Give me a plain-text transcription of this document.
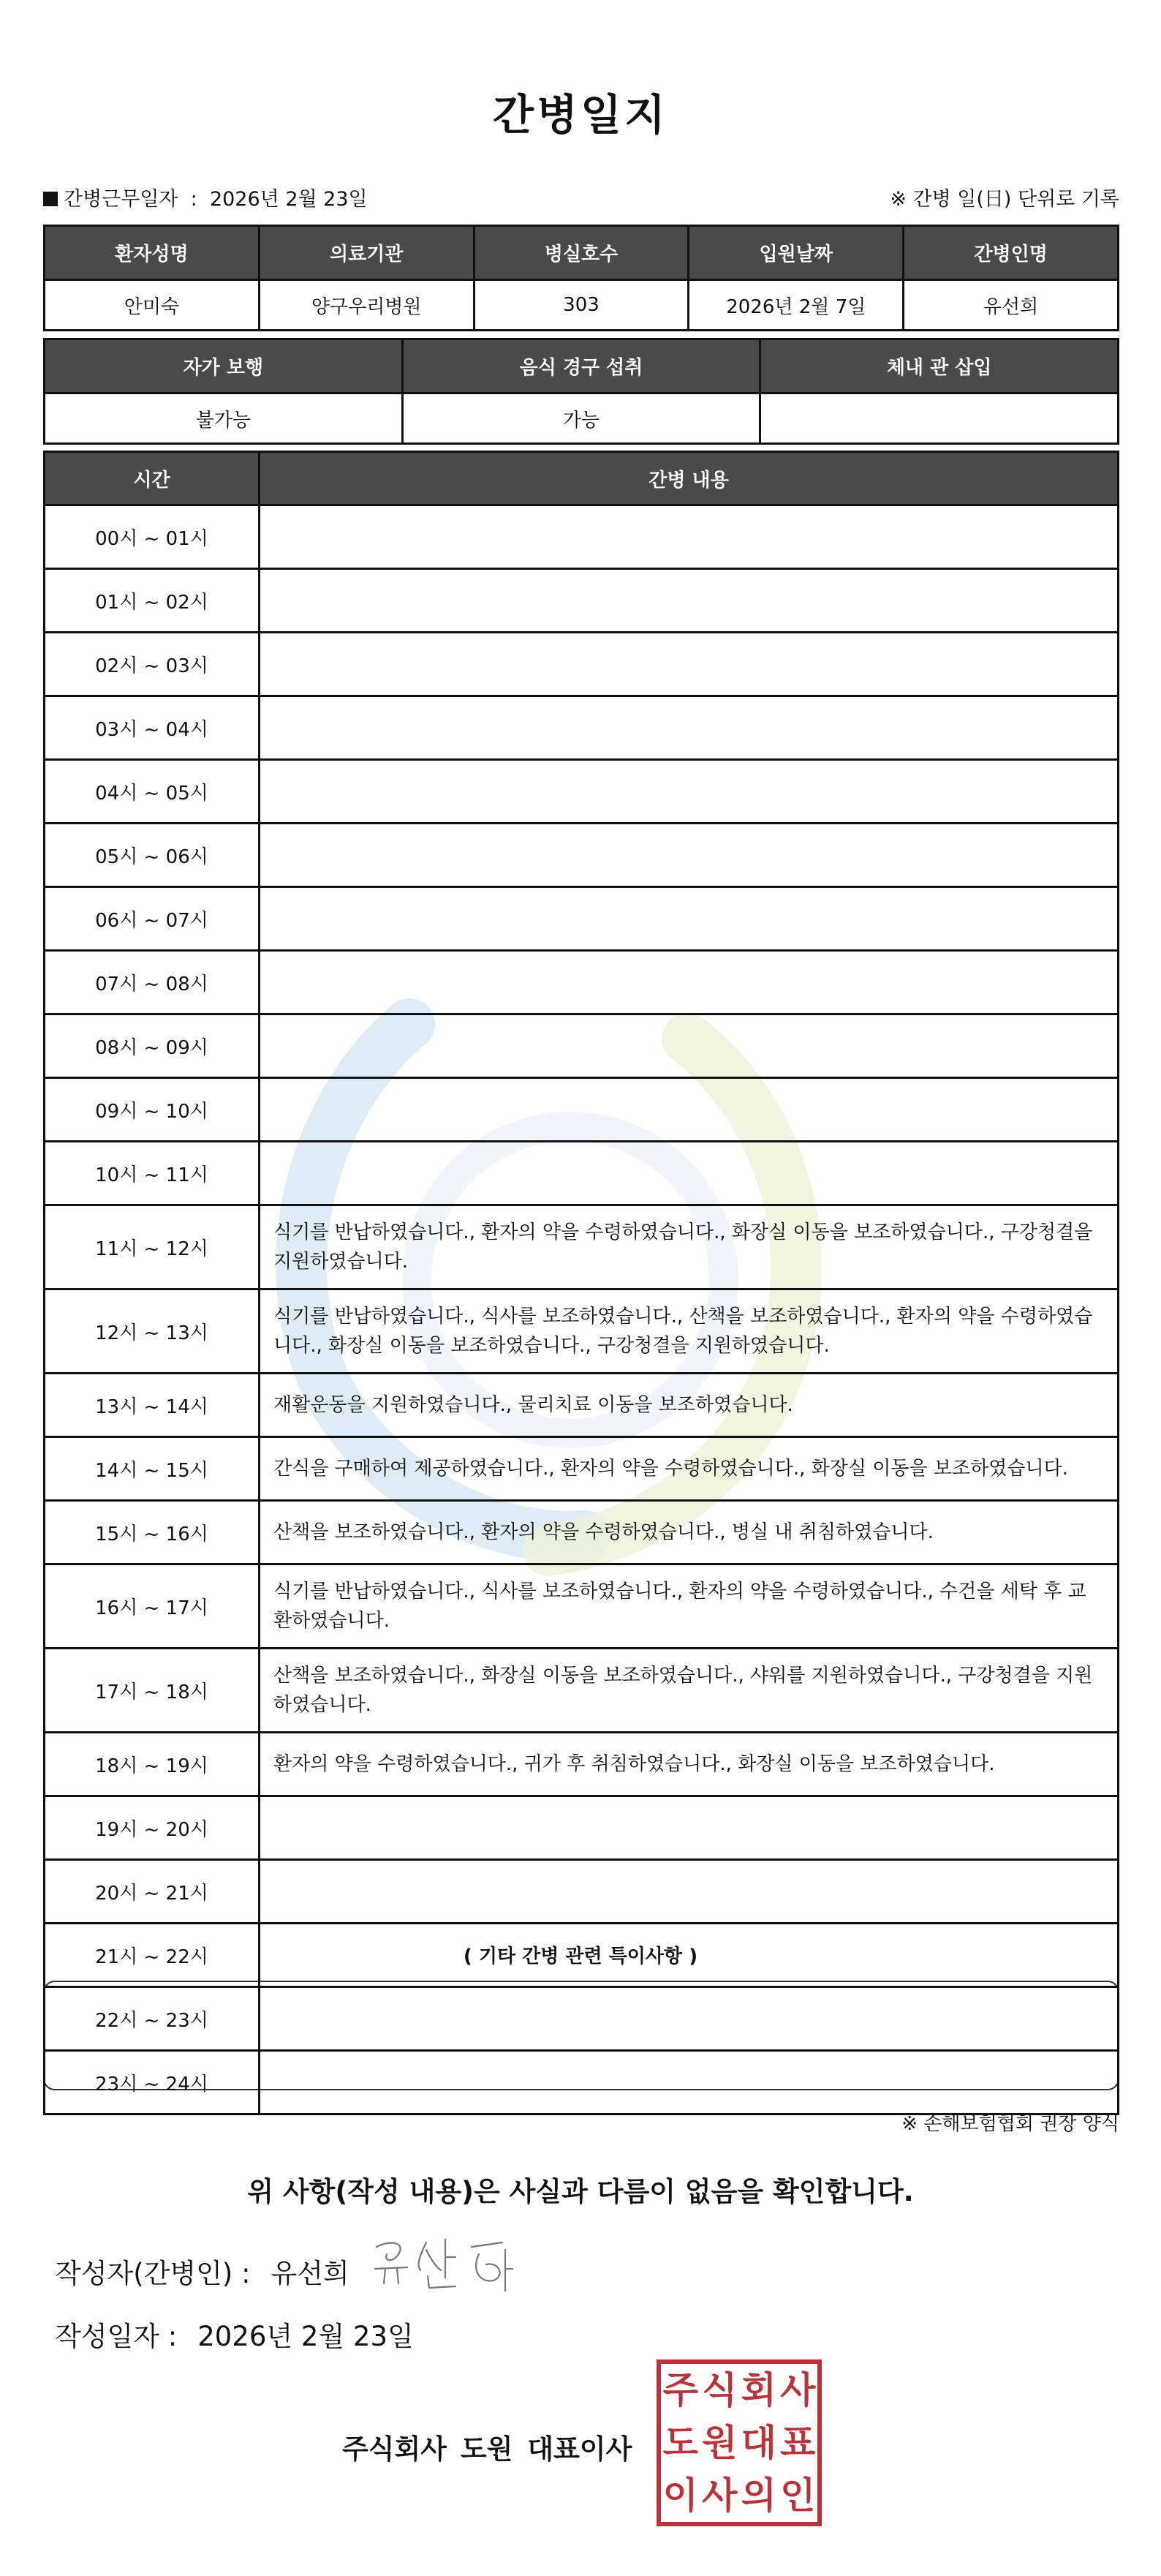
간병일지
간병근무일자 : 2026년 2월 23일	※ 간병 일(日) 단위로 기록
환자성명	의료기관	병실호수	입원날짜	간병인명
안미숙	양구우리병원	303	2026년 2월 7일	유선희
자가 보행	음식 경구 섭취	체내 관 삽입
불가능	가능	
시간	간병 내용
00시 ~ 01시	
01시 ~ 02시	
02시 ~ 03시	
03시 ~ 04시	
04시 ~ 05시	
05시 ~ 06시	
06시 ~ 07시	
07시 ~ 08시	
08시 ~ 09시	
09시 ~ 10시	
10시 ~ 11시	
11시 ~ 12시	식기를 반납하였습니다., 환자의 약을 수령하였습니다., 화장실 이동을 보조하였습니다., 구강청결을 지원하였습니다.
12시 ~ 13시	식기를 반납하였습니다., 식사를 보조하였습니다., 산책을 보조하였습니다., 환자의 약을 수령하였습니다., 화장실 이동을 보조하였습니다., 구강청결을 지원하였습니다.
13시 ~ 14시	재활운동을 지원하였습니다., 물리치료 이동을 보조하였습니다.
14시 ~ 15시	간식을 구매하여 제공하였습니다., 환자의 약을 수령하였습니다., 화장실 이동을 보조하였습니다.
15시 ~ 16시	산책을 보조하였습니다., 환자의 약을 수령하였습니다., 병실 내 취침하였습니다.
16시 ~ 17시	식기를 반납하였습니다., 식사를 보조하였습니다., 환자의 약을 수령하였습니다., 수건을 세탁 후 교환하였습니다.
17시 ~ 18시	산책을 보조하였습니다., 화장실 이동을 보조하였습니다., 샤워를 지원하였습니다., 구강청결을 지원하였습니다.
18시 ~ 19시	환자의 약을 수령하였습니다., 귀가 후 취침하였습니다., 화장실 이동을 보조하였습니다.
19시 ~ 20시	
20시 ~ 21시	
21시 ~ 22시	
22시 ~ 23시	
23시 ~ 24시	
( 기타 간병 관련 특이사항 )
※ 손해보험협회 권장 양식
위 사항(작성 내용)은 사실과 다름이 없음을 확인합니다.
작성자(간병인) : 유선희
작성일자 : 2026년 2월 23일
주식회사 도원 대표이사
주 식 회 사
도 원 대 표
이 사 의 인
